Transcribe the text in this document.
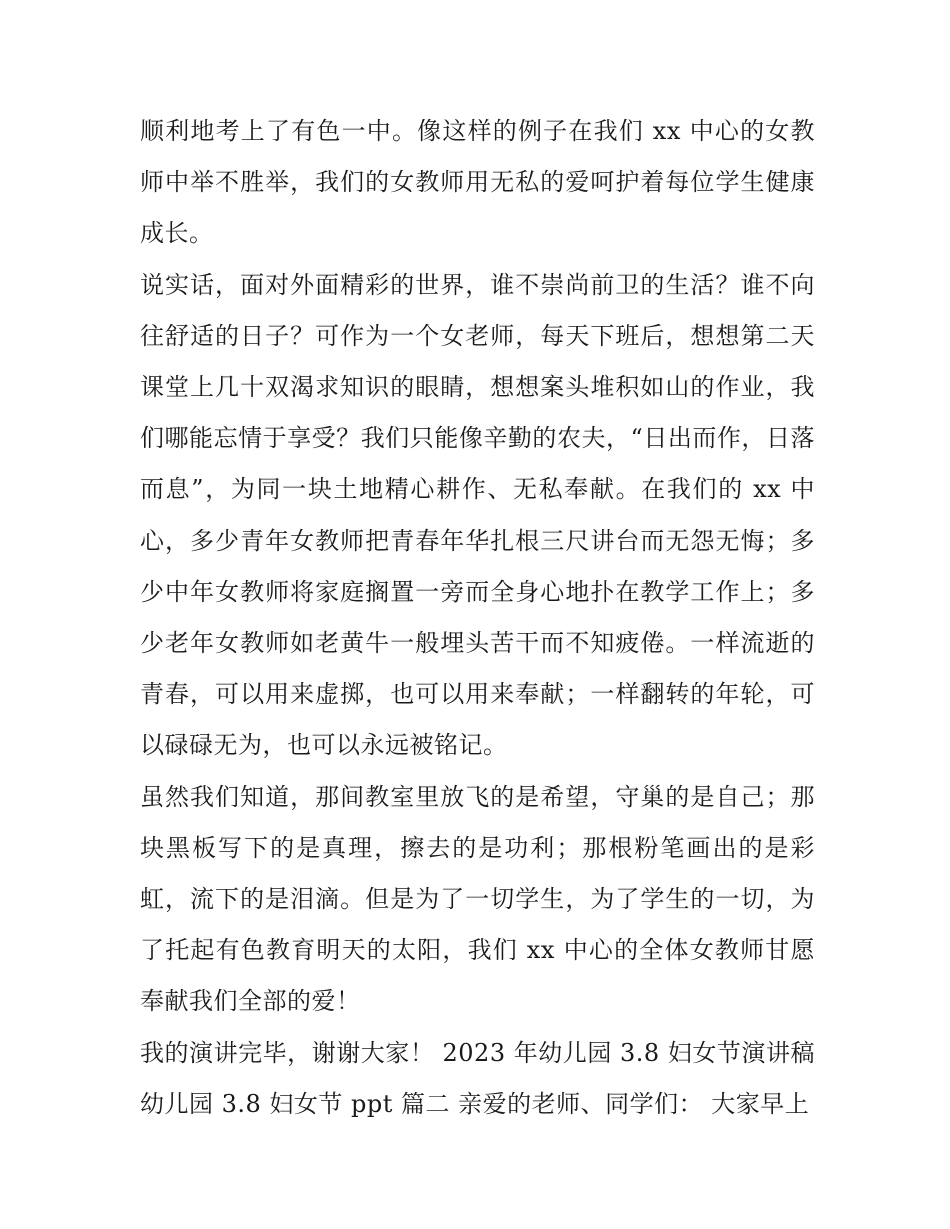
顺利地考上了有色一中。像这样的例子在我们 xx 中心的女教师中举不胜举，我们的女教师用无私的爱呵护着每位学生健康成长。

说实话，面对外面精彩的世界，谁不崇尚前卫的生活？谁不向往舒适的日子？可作为一个女老师，每天下班后，想想第二天课堂上几十双渴求知识的眼睛，想想案头堆积如山的作业，我们哪能忘情于享受？我们只能像辛勤的农夫，“日出而作，日落而息”，为同一块土地精心耕作、无私奉献。在我们的 xx 中心，多少青年女教师把青春年华扎根三尺讲台而无怨无悔；多少中年女教师将家庭搁置一旁而全身心地扑在教学工作上；多少老年女教师如老黄牛一般埋头苦干而不知疲倦。一样流逝的青春，可以用来虚掷，也可以用来奉献；一样翻转的年轮，可以碌碌无为，也可以永远被铭记。

虽然我们知道，那间教室里放飞的是希望，守巢的是自己；那块黑板写下的是真理，擦去的是功利；那根粉笔画出的是彩虹，流下的是泪滴。但是为了一切学生，为了学生的一切，为了托起有色教育明天的太阳，我们 xx 中心的全体女教师甘愿奉献我们全部的爱！

我的演讲完毕，谢谢大家！ 2023 年幼儿园 3.8 妇女节演讲稿幼儿园 3.8 妇女节 ppt 篇二 亲爱的老师、同学们： 大家早上
